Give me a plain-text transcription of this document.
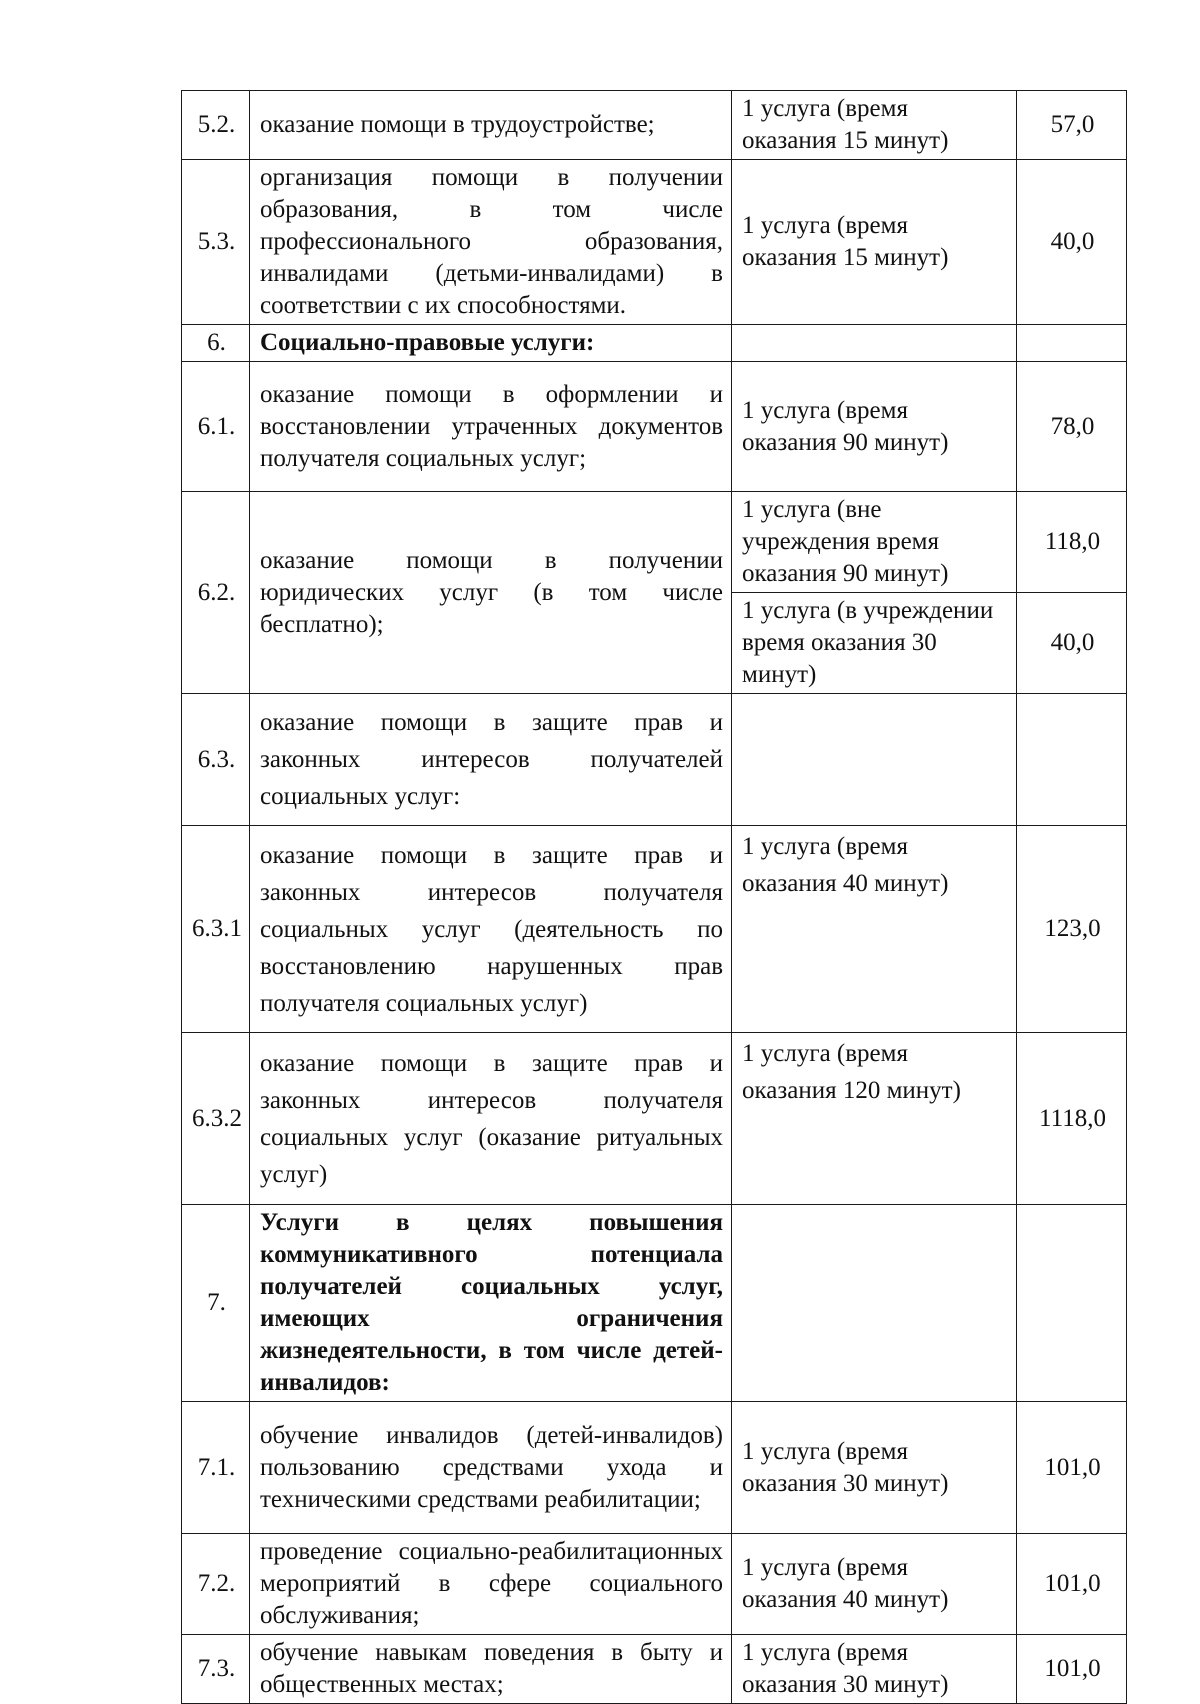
5.2.	оказание помощи в трудоустройстве;	1 услуга (время оказания 15 минут)	57,0
5.3.	организация помощи в получении образования, в том числе профессионального образования, инвалидами (детьми-инвалидами) в соответствии с их способностями.	1 услуга (время оказания 15 минут)	40,0
6.	Социально-правовые услуги:		
6.1.	оказание помощи в оформлении и восстановлении утраченных документов получателя социальных услуг;	1 услуга (время оказания 90 минут)	78,0
6.2.	оказание помощи в получении юридических услуг (в том числе бесплатно);	1 услуга (вне учреждения время оказания 90 минут)	118,0
		1 услуга (в учреждении время оказания 30 минут)	40,0
6.3.	оказание помощи в защите прав и законных интересов получателей социальных услуг:		
6.3.1	оказание помощи в защите прав и законных интересов получателя социальных услуг (деятельность по восстановлению нарушенных прав получателя социальных услуг)	1 услуга (время оказания 40 минут)	123,0
6.3.2	оказание помощи в защите прав и законных интересов получателя социальных услуг (оказание ритуальных услуг)	1 услуга (время оказания 120 минут)	1118,0
7.	Услуги в целях повышения коммуникативного потенциала получателей социальных услуг, имеющих ограничения жизнедеятельности, в том числе детей-инвалидов:		
7.1.	обучение инвалидов (детей-инвалидов) пользованию средствами ухода и техническими средствами реабилитации;	1 услуга (время оказания 30 минут)	101,0
7.2.	проведение социально-реабилитационных мероприятий в сфере социального обслуживания;	1 услуга (время оказания 40 минут)	101,0
7.3.	обучение навыкам поведения в быту и общественных местах;	1 услуга (время оказания 30 минут)	101,0
